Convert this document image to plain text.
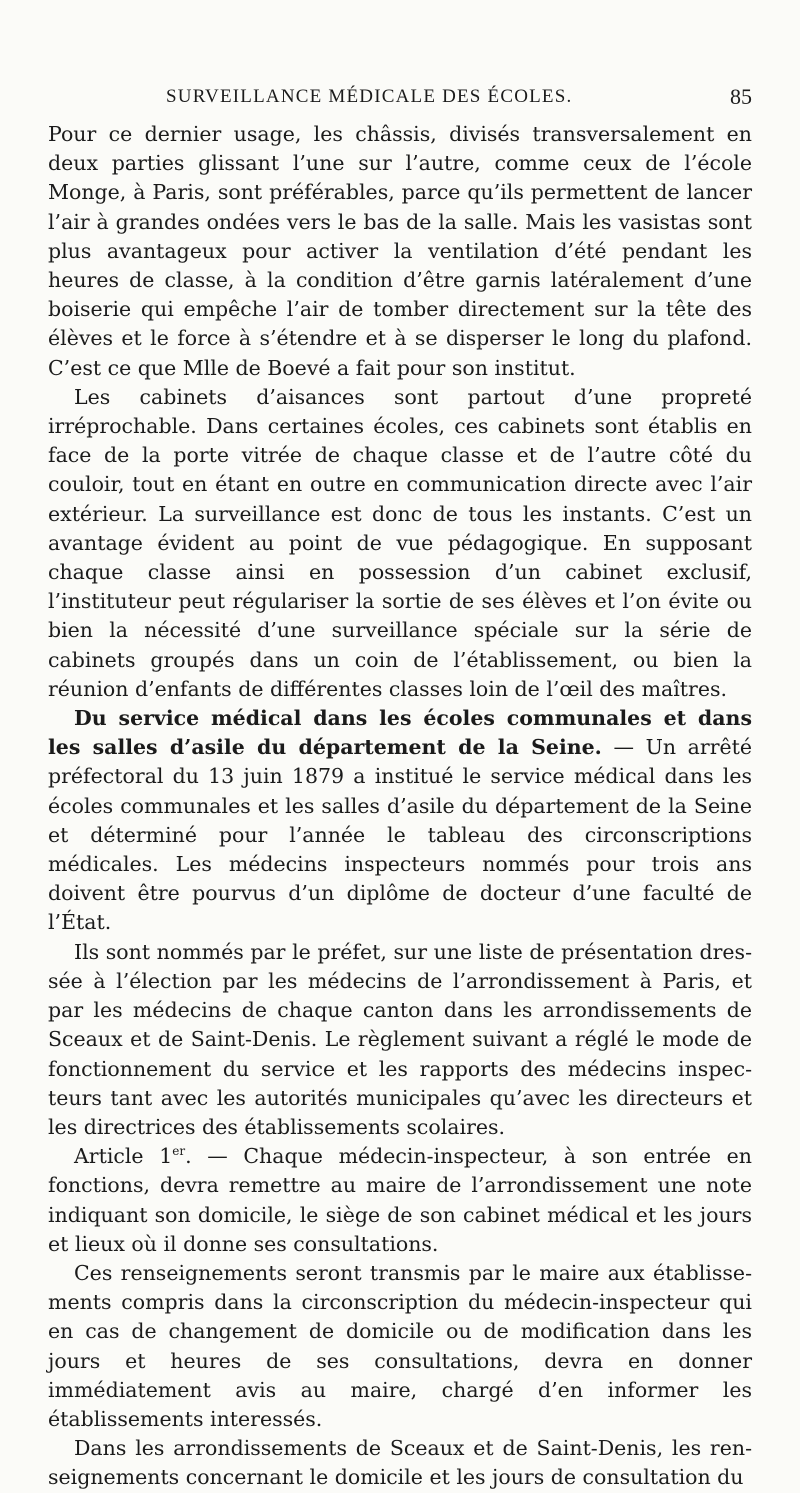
SURVEILLANCE MÉDICALE DES ÉCOLES.	85

Pour ce dernier usage, les châssis, divisés transversalement en deux parties glissant l’une sur l’autre, comme ceux de l’école Monge, à Paris, sont préférables, parce qu’ils permettent de lancer l’air à grandes ondées vers le bas de la salle. Mais les vasistas sont plus avantageux pour activer la ventilation d’été pendant les heures de classe, à la condition d’être garnis latéralement d’une boiserie qui empêche l’air de tomber directement sur la tête des élèves et le force à s’étendre et à se disperser le long du plafond. C’est ce que Mlle de Boevé a fait pour son institut.

Les cabinets d’aisances sont partout d’une propreté irréprochable. Dans certaines écoles, ces cabinets sont établis en face de la porte vitrée de chaque classe et de l’autre côté du couloir, tout en étant en outre en communication directe avec l’air extérieur. La surveillance est donc de tous les instants. C’est un avantage évident au point de vue pédagogique. En supposant chaque classe ainsi en possession d’un cabinet exclusif, l’instituteur peut régulariser la sortie de ses élèves et l’on évite ou bien la nécessité d’une surveillance spéciale sur la série de cabinets groupés dans un coin de l’établissement, ou bien la réunion d’enfants de différentes classes loin de l’œil des maîtres.

Du service médical dans les écoles communales et dans les salles d’asile du département de la Seine. — Un arrêté préfectoral du 13 juin 1879 a institué le service médical dans les écoles communales et les salles d’asile du département de la Seine et déterminé pour l’année le tableau des circonscriptions médicales. Les médecins inspecteurs nommés pour trois ans doivent être pourvus d’un diplôme de docteur d’une faculté de l’État.

Ils sont nommés par le préfet, sur une liste de présentation dressée à l’élection par les médecins de l’arrondissement à Paris, et par les médecins de chaque canton dans les arrondissements de Sceaux et de Saint-Denis. Le règlement suivant a réglé le mode de fonctionnement du service et les rapports des médecins inspecteurs tant avec les autorités municipales qu’avec les directeurs et les directrices des établissements scolaires.

Article 1er. — Chaque médecin-inspecteur, à son entrée en fonctions, devra remettre au maire de l’arrondissement une note indiquant son domicile, le siège de son cabinet médical et les jours et lieux où il donne ses consultations.

Ces renseignements seront transmis par le maire aux établissements compris dans la circonscription du médecin-inspecteur qui en cas de changement de domicile ou de modification dans les jours et heures de ses consultations, devra en donner immédiatement avis au maire, chargé d’en informer les établissements interessés.

Dans les arrondissements de Sceaux et de Saint-Denis, les renseignements concernant le domicile et les jours de consultation du
